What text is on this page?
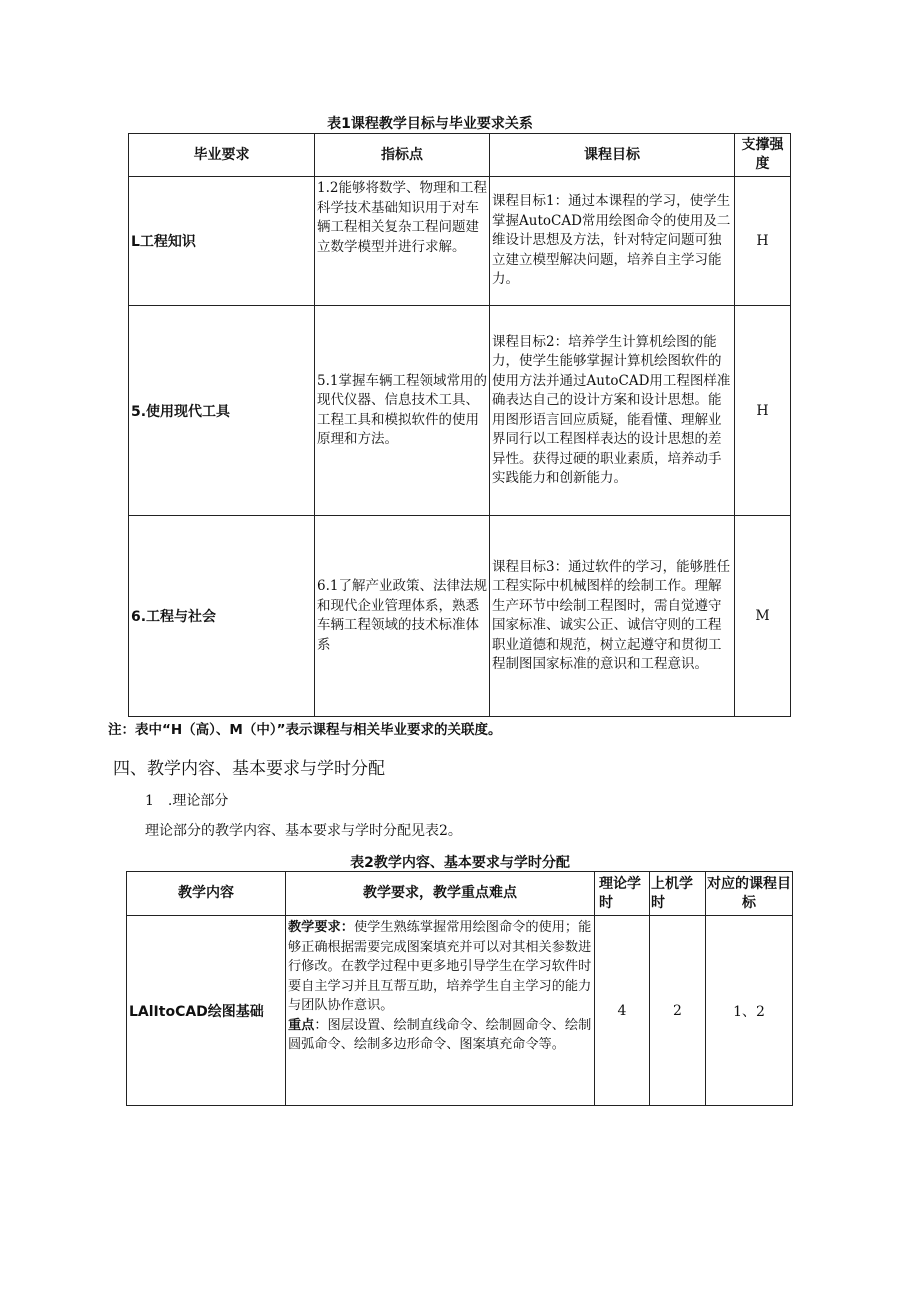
表1课程教学目标与毕业要求关系
毕业要求	指标点	课程目标	支撑强度
L工程知识	1.2能够将数学、物理和工程科学技术基础知识用于对车辆工程相关复杂工程问题建立数学模型并进行求解。	课程目标1：通过本课程的学习，使学生掌握AutoCAD常用绘图命令的使用及二维设计思想及方法，针对特定问题可独立建立模型解决问题，培养自主学习能力。	H
5.使用现代工具	5.1掌握车辆工程领域常用的现代仪器、信息技术工具、工程工具和模拟软件的使用原理和方法。	课程目标2：培养学生计算机绘图的能力，使学生能够掌握计算机绘图软件的使用方法并通过AutoCAD用工程图样准确表达自己的设计方案和设计思想。能用图形语言回应质疑，能看懂、理解业界同行以工程图样表达的设计思想的差异性。获得过硬的职业素质，培养动手实践能力和创新能力。	H
6.工程与社会	6.1了解产业政策、法律法规和现代企业管理体系，熟悉车辆工程领域的技术标准体系	课程目标3：通过软件的学习，能够胜任工程实际中机械图样的绘制工作。理解生产环节中绘制工程图时，需自觉遵守国家标准、诚实公正、诚信守则的工程职业道德和规范，树立起遵守和贯彻工程制图国家标准的意识和工程意识。	M
注：表中“H（高）、M（中）”表示课程与相关毕业要求的关联度。
四、教学内容、基本要求与学时分配
1　.理论部分
理论部分的教学内容、基本要求与学时分配见表2。
表2教学内容、基本要求与学时分配
教学内容	教学要求，教学重点难点	理论学时	上机学时	对应的课程目标
LAlItoCAD绘图基础	教学要求：使学生熟练掌握常用绘图命令的使用；能够正确根据需要完成图案填充并可以对其相关参数进行修改。在教学过程中更多地引导学生在学习软件时要自主学习并且互帮互助，培养学生自主学习的能力与团队协作意识。
重点：图层设置、绘制直线命令、绘制圆命令、绘制圆弧命令、绘制多边形命令、图案填充命令等。	4	2	1、2
